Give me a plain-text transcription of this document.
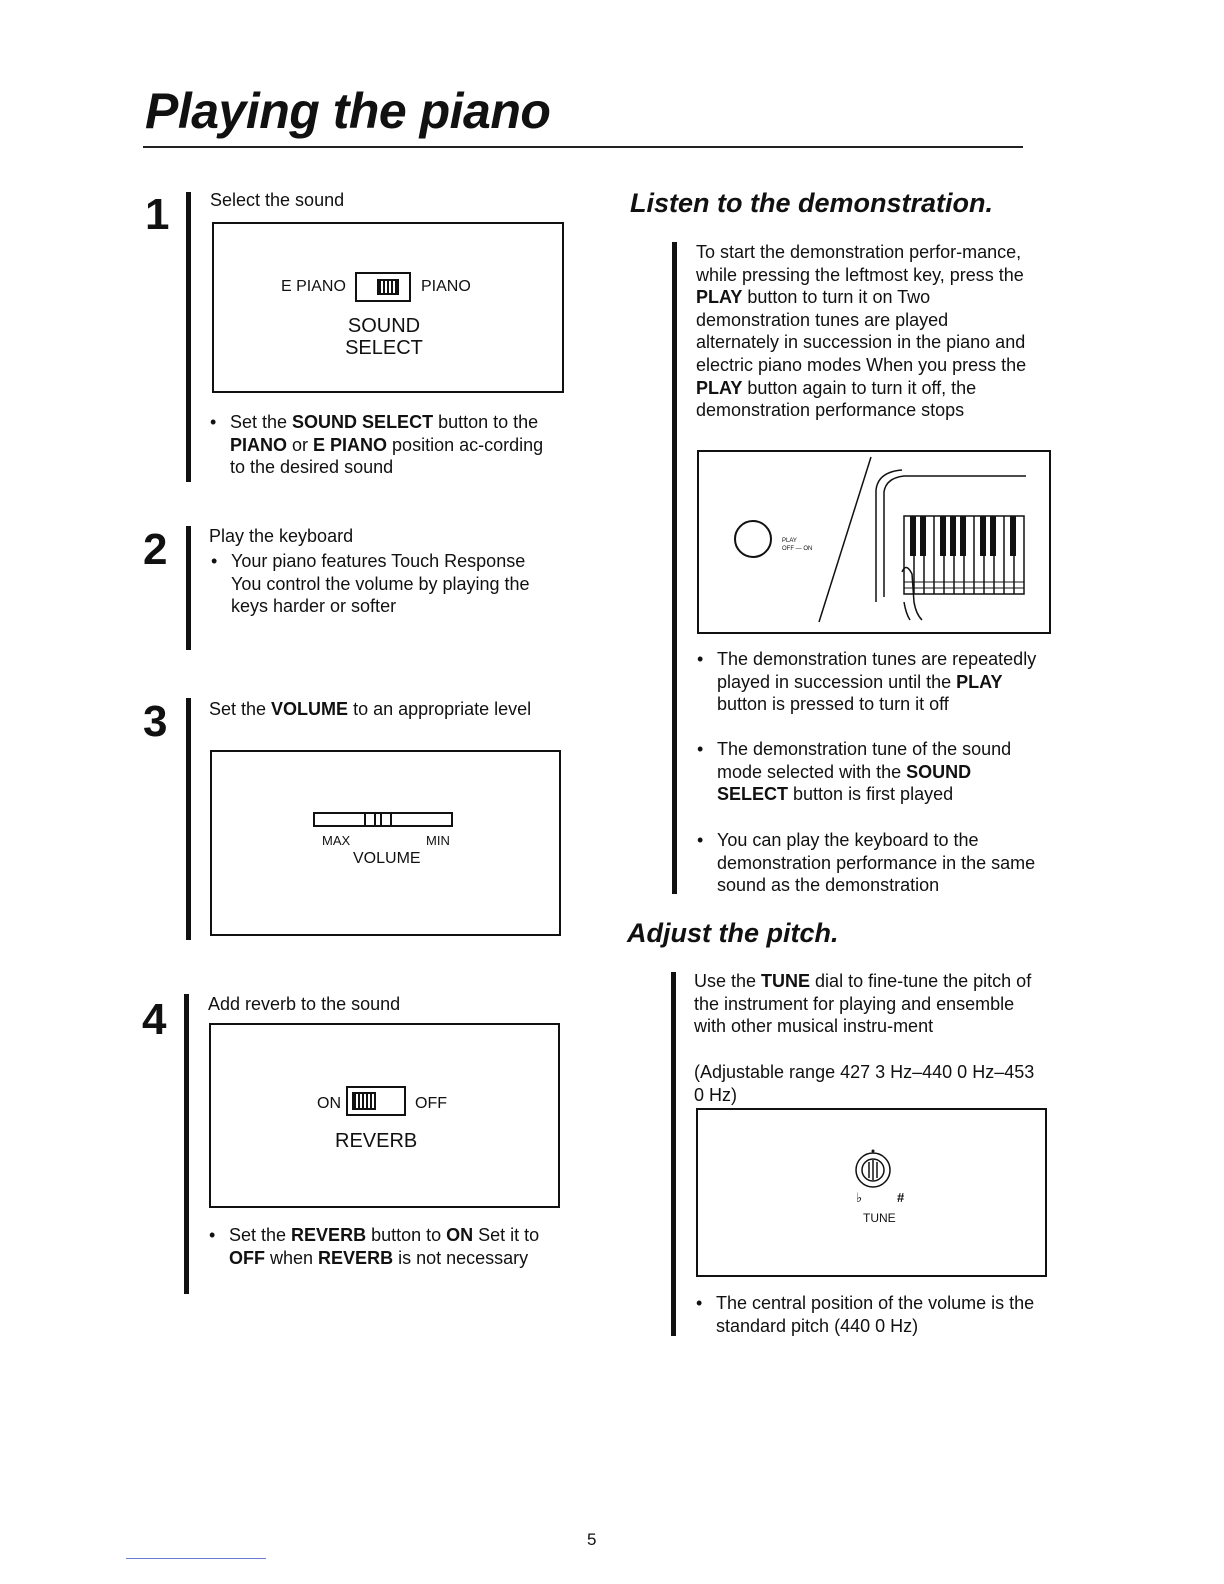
Playing the piano
1 Select the sound
E PIANO	PIANO
SOUND
SELECT
• Set the SOUND SELECT button to the PIANO or E PIANO position ac-cording to the desired sound
2 Play the keyboard
• Your piano features Touch Response You control the volume by playing the keys harder or softer
3 Set the VOLUME to an appropriate level
MAX	MIN
VOLUME
4 Add reverb to the sound
ON	OFF
REVERB
• Set the REVERB button to ON Set it to OFF when REVERB is not necessary
Listen to the demonstration.
To start the demonstration perfor-mance, while pressing the leftmost key, press the PLAY button to turn it on Two demonstration tunes are played alternately in succession in the piano and electric piano modes When you press the PLAY button again to turn it off, the demonstration performance stops
PLAY
OFF — ON
• The demonstration tunes are repeatedly played in succession until the PLAY button is pressed to turn it off
• The demonstration tune of the sound mode selected with the SOUND SELECT button is first played
• You can play the keyboard to the demonstration performance in the same sound as the demonstration
Adjust the pitch.
Use the TUNE dial to fine-tune the pitch of the instrument for playing and ensemble with other musical instru-ment
(Adjustable range 427 3 Hz–440 0 Hz–453 0 Hz)
♭	#
TUNE
• The central position of the volume is the standard pitch (440 0 Hz)
5
